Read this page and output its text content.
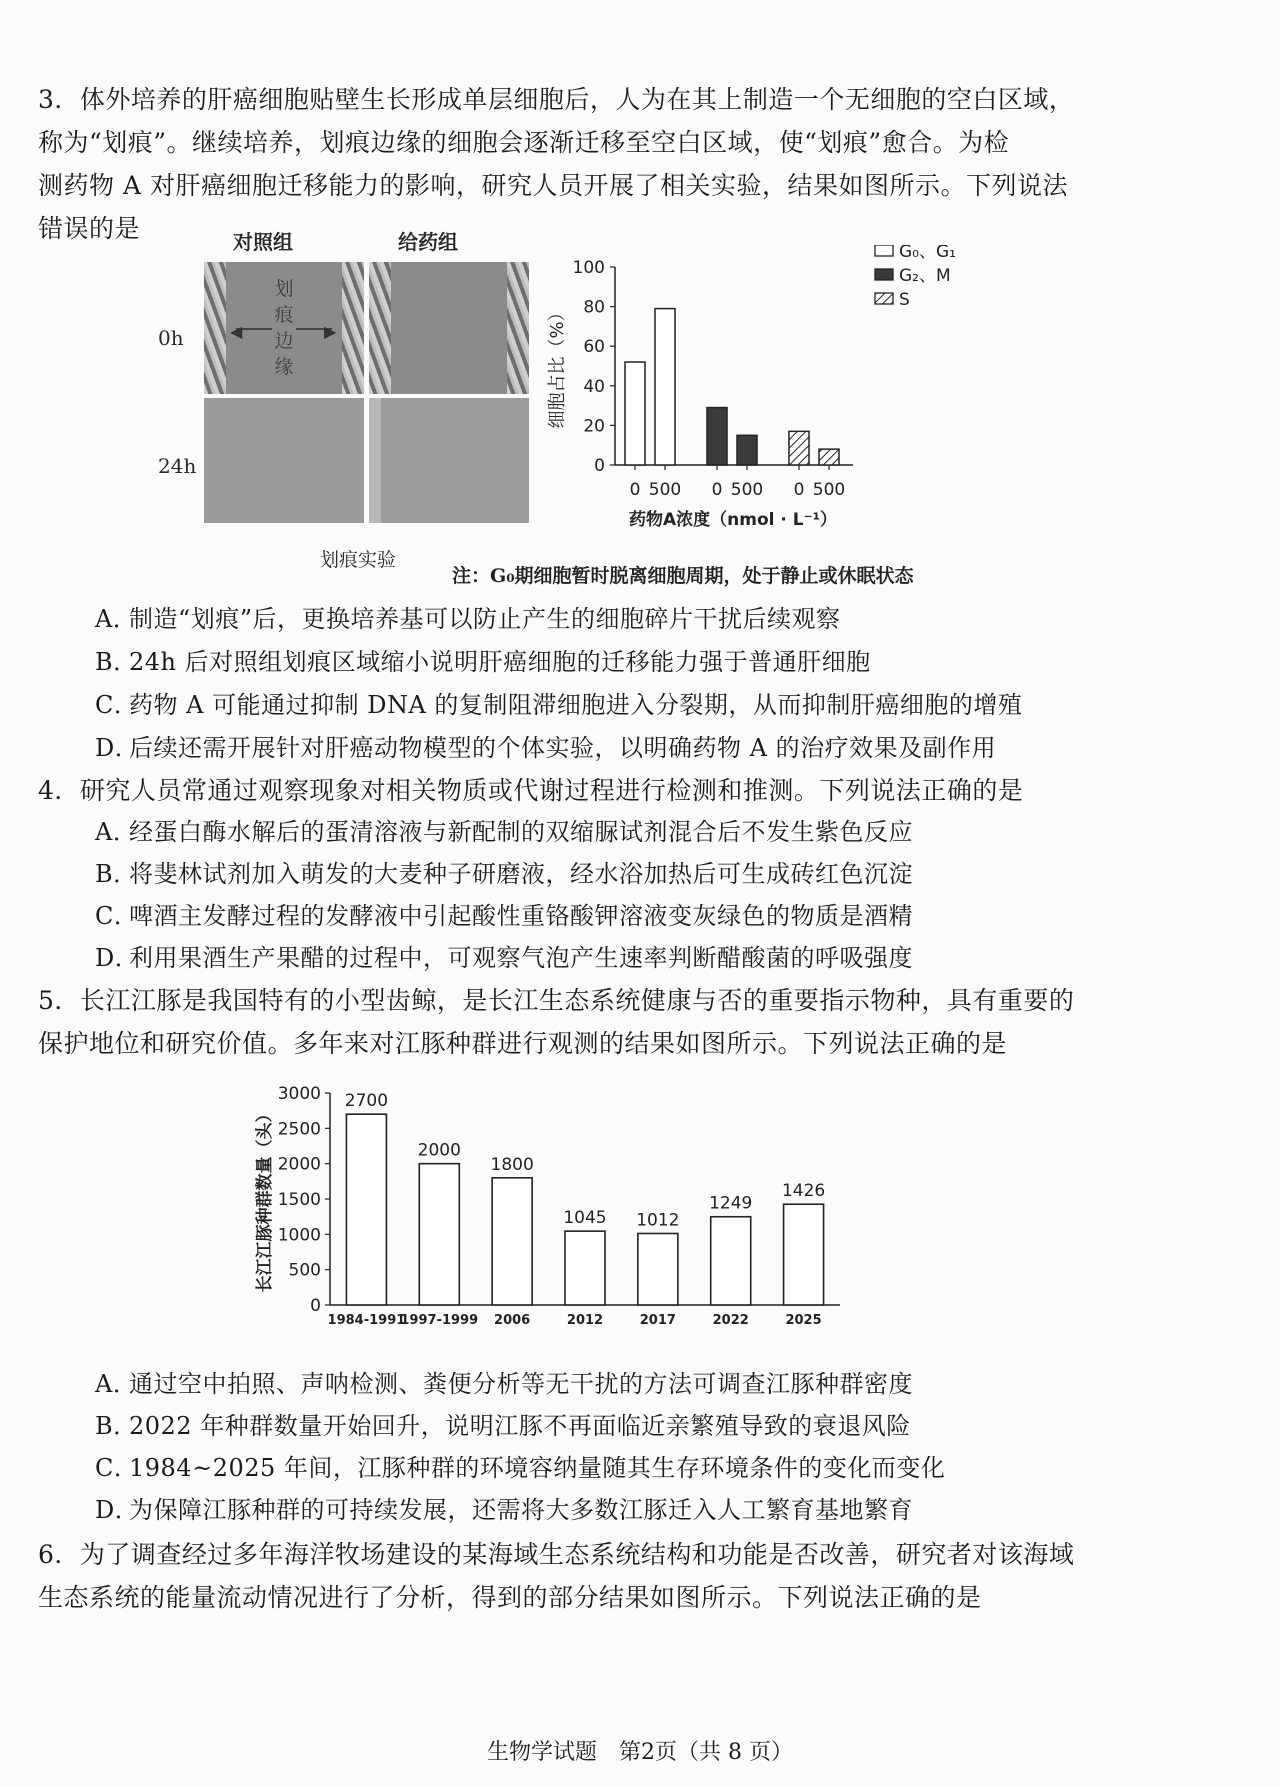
3．体外培养的肝癌细胞贴壁生长形成单层细胞后，人为在其上制造一个无细胞的空白区域，

称为“划痕”。继续培养，划痕边缘的细胞会逐渐迁移至空白区域，使“划痕”愈合。为检

测药物 A 对肝癌细胞迁移能力的影响，研究人员开展了相关实验，结果如图所示。下列说法

错误的是	对照组	给药组
0h
24h
◀	▶
划痕边缘
划痕实验
0
20
40
60
80
100
细胞占比（%）
0 500 0 500 0 500
药物A浓度（nmol · L⁻¹）
G₀、G₁
G₂、M
S
注：G₀期细胞暂时脱离细胞周期，处于静止或休眠状态
A．制造“划痕”后，更换培养基可以防止产生的细胞碎片干扰后续观察
B．24h 后对照组划痕区域缩小说明肝癌细胞的迁移能力强于普通肝细胞
C．药物 A 可能通过抑制 DNA 的复制阻滞细胞进入分裂期，从而抑制肝癌细胞的增殖
D．后续还需开展针对肝癌动物模型的个体实验，以明确药物 A 的治疗效果及副作用

4．研究人员常通过观察现象对相关物质或代谢过程进行检测和推测。下列说法正确的是

A．经蛋白酶水解后的蛋清溶液与新配制的双缩脲试剂混合后不发生紫色反应
B．将斐林试剂加入萌发的大麦种子研磨液，经水浴加热后可生成砖红色沉淀
C．啤酒主发酵过程的发酵液中引起酸性重铬酸钾溶液变灰绿色的物质是酒精
D．利用果酒生产果醋的过程中，可观察气泡产生速率判断醋酸菌的呼吸强度

5．长江江豚是我国特有的小型齿鲸，是长江生态系统健康与否的重要指示物种，具有重要的

保护地位和研究价值。多年来对江豚种群进行观测的结果如图所示。下列说法正确的是

0
500
1000
1500
2000
2500
3000
长江江豚种群数量（头）
2700
1984-1991
2000
1997-1999
1800
2006
1045
2012
1012
2017
1249
2022
1426
2025
A．通过空中拍照、声呐检测、粪便分析等无干扰的方法可调查江豚种群密度
B．2022 年种群数量开始回升，说明江豚不再面临近亲繁殖导致的衰退风险
C．1984~2025 年间，江豚种群的环境容纳量随其生存环境条件的变化而变化
D．为保障江豚种群的可持续发展，还需将大多数江豚迁入人工繁育基地繁育

6．为了调查经过多年海洋牧场建设的某海域生态系统结构和功能是否改善，研究者对该海域

生态系统的能量流动情况进行了分析，得到的部分结果如图所示。下列说法正确的是

生物学试题　第2页（共 8 页）
